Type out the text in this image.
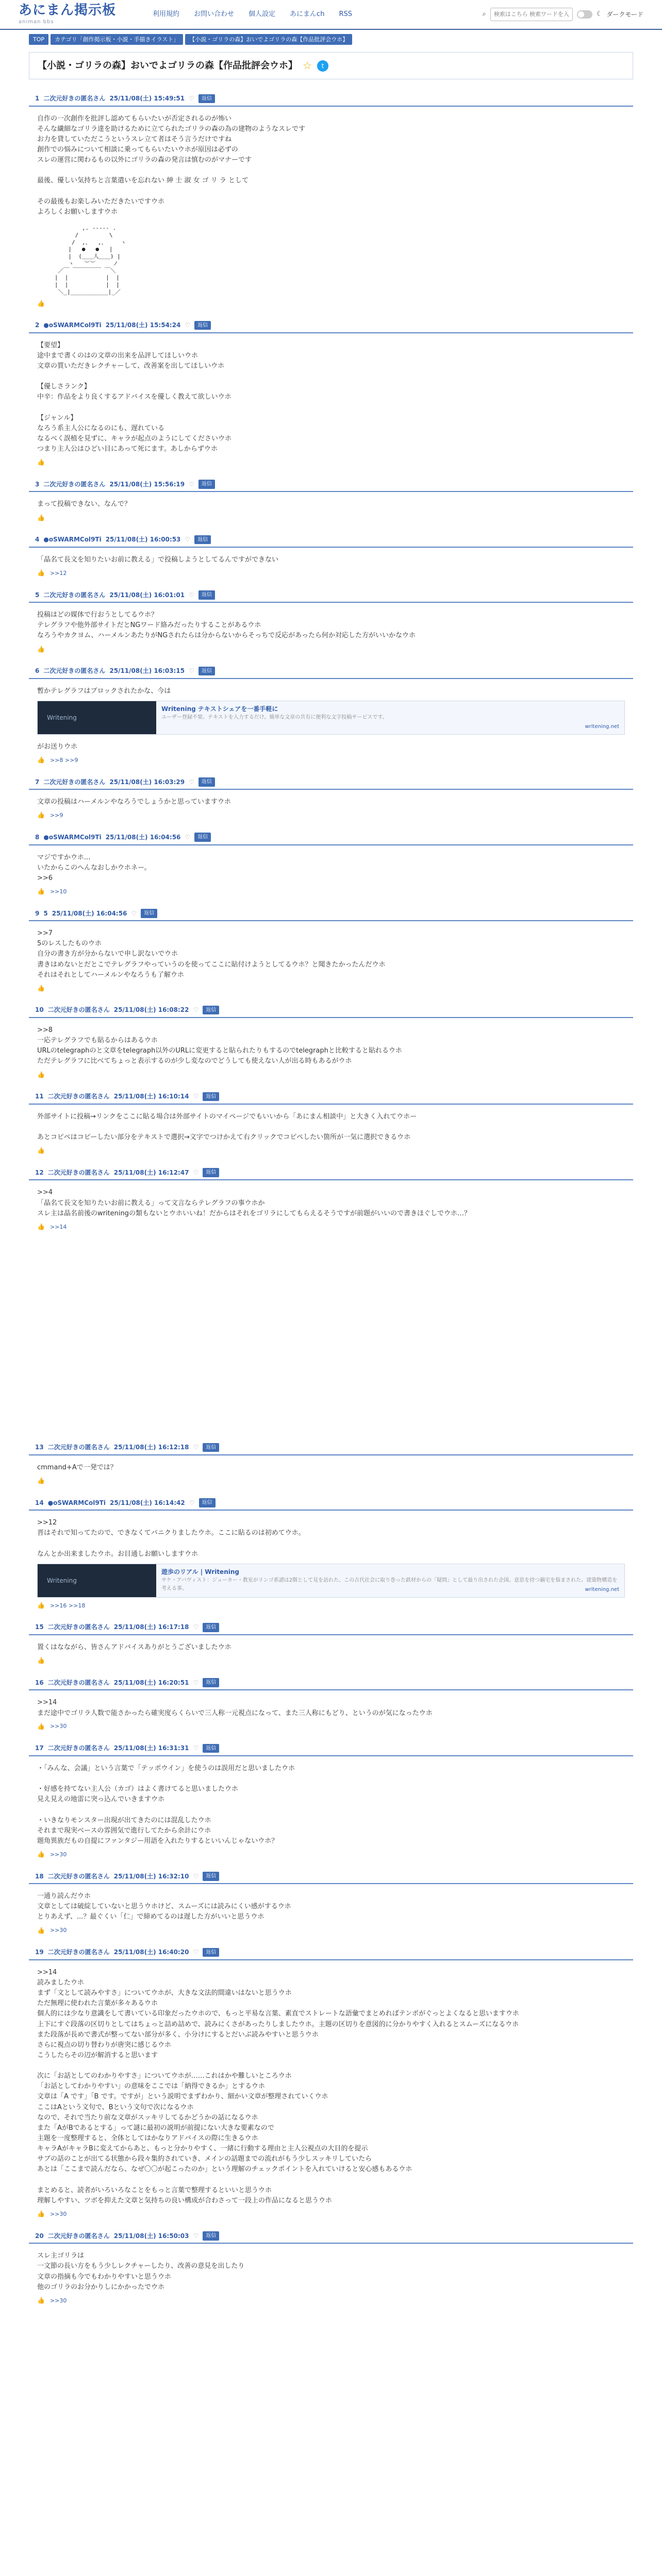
あにまん掲示板
animan bbs
利用規約 お問い合わせ 個人設定 あにまんch RSS	⌕
検索はこちら 検索ワードを入力	☾ ダークモード
TOP	カテゴリ「創作掲示板・小説・手描きイラスト」	【小説・ゴリラの森】おいでよゴリラの森【作品批評会ウホ】
【小説・ゴリラの森】おいでよゴリラの森【作品批評会ウホ】 ☆	t
1 二次元好きの匿名さん 25/11/08(土) 15:49:51 ♡	返信
自作の一次創作を批評し認めてもらいたいが否定されるのが怖い
そんな繊細なゴリラ達を助けるために立てられたゴリラの森の為の建物のようなスレです
お力を貸していただこうというスレ立て者はそう言うだけですね
創作での悩みについて相談に乗ってもらいたいウホが原因は必ずの
スレの運営に関わるもの以外にゴリラの森の発言は慎むのがマナーです

最後、優しい気持ちと言葉遣いを忘れない 紳 士 淑 女 ゴ リ ラ として

その最後もお楽しみいただきたいですウホ
よろしくお願いしますウホ
,. -‐‐‐- .
/         \
/  ,、  ,、    ヽ
|   ●   ●   |
|  (＿＿人＿＿) |
ヽ   ︶︶     ノ
／￣ ￣￣￣￣￣ ￣＼
|  |           |  |
|  |           |  |
＼_|___________|_／
👍
2 ●oSWARMCol9Ti 25/11/08(土) 15:54:24 ♡	返信
【要望】
途中まで書くのはの文章の出来を品評してほしいウホ
文章の質いただきレクチャーして、改善案を出してほしいウホ

【優しさランク】
中辛：作品をより良くするアドバイスを優しく教えて欲しいウホ

【ジャンル】
なろう系主人公になるのにも、遅れている
なるべく誤植を見ずに、キャラが起点のようにしてくださいウホ
つまり主人公はひどい目にあって死にます。あしからずウホ
👍
3 二次元好きの匿名さん 25/11/08(土) 15:56:19 ♡	返信
まって投稿できない、なんで？
👍
4 ●oSWARMCol9Ti 25/11/08(土) 16:00:53 ♡	返信
「晶名て長文を知りたいお前に教える」で投稿しようとしてるんですができない
👍 >>12
5 二次元好きの匿名さん 25/11/08(土) 16:01:01 ♡	返信
投稿はどの媒体で行おうとしてるウホ？
テレグラフや他外部サイトだとNGワード絡みだったりすることがあるウホ
なろうやカクヨム、ハーメルンあたりがNGされたらは分からないからそっちで反応があったら何か対応した方がいいかなウホ
👍
6 二次元好きの匿名さん 25/11/08(土) 16:03:15 ♡	返信
暫かテレグラフはブロックされたかな、今は
Writening
Writening テキストシェアを一番手軽に
ユーザー登録不要。テキストを入力するだけ。簡単な文章の共有に便利な文字投稿サービスです。
writening.net
がお送りウホ
👍 >>8 >>9
7 二次元好きの匿名さん 25/11/08(土) 16:03:29 ♡	返信
文章の投稿はハーメルンやなろうでしょうかと思っていますウホ
👍 >>9
8 ●oSWARMCol9Ti 25/11/08(土) 16:04:56 ♡	返信
マジですかウホ...
いたからこのへんなおしかウホネー。
>>6
👍 >>10
9 5 25/11/08(土) 16:04:56 ♡	返信
>>7
5のレスしたものウホ
自分の書き方が分からないで申し訳ないでウホ
書きはめないとだとこでテレグラフやっていうのを使ってここに貼付けようとしてるウホ？と聞きたかったんだウホ
それはそれとしてハーメルンやなろうも了解ウホ
👍
10 二次元好きの匿名さん 25/11/08(土) 16:08:22 ♡	返信
>>8
一応テレグラフでも貼るからはあるウホ
URLのtelegraphのと文章をtelegraph以外のURLに変更すると貼られたりもするのでtelegraphと比較すると貼れるウホ
ただテレグラフに比べてちょっと表示するのが少し変なのでどうしても使えない人が出る時もあるがウホ
👍
11 二次元好きの匿名さん 25/11/08(土) 16:10:14 ♡	返信
外部サイトに投稿→リンクをここに貼る場合は外部サイトのマイページでもいいから「あにまん相談中」と大きく入れてウホー

あとコピペはコピーしたい部分をテキストで選択→文字でつけかえて右クリックでコピペしたい箇所が一気に選択できるウホ
👍
12 二次元好きの匿名さん 25/11/08(土) 16:12:47 ♡	返信
>>4
「晶名て長文を知りたいお前に教える」って文言ならテレグラフの事ウホか
スレ主は晶名前後のwriteningの類もないとウホいいね！だからはそれをゴリラにしてもらえるそうですが前題がいいので書きほぐしでウホ…？
👍 >>14
13 二次元好きの匿名さん 25/11/08(土) 16:12:18 ♡	返信
cmmand+Aで一発では？
👍
14 ●oSWARMCol9Ti 25/11/08(土) 16:14:42 ♡	返信
>>12
晋はそれで知ってたので、できなくてパニクりましたウホ。ここに貼るのは初めてウホ。

なんとか出来ましたウホ。お目通しお願いしますウホ
Writening
遊歩のリアル | Writening
サケ・アバヴィスト：ジューカー・教室がリンゴ系譜は2階として見を訪れた。この古代社会に取り巻った鉄材からの「疑問」として最り出された企図、意思を持つ鍋宅を悩まされた。建築物構造を考える事。	writening.net
👍 >>16 >>18
15 二次元好きの匿名さん 25/11/08(土) 16:17:18 ♡	返信
置くはなながら、皆さんアドバイスありがとうございましたウホ
👍
16 二次元好きの匿名さん 25/11/08(土) 16:20:51 ♡	返信
>>14
まだ途中でゴリラ人数で能さかったら確実度らくらいで三人称一元視点になって、また三人称にもどり、というのが気になったウホ
👍 >>30
17 二次元好きの匿名さん 25/11/08(土) 16:31:31 ♡	返信
・「みんな、会議」という言葉で「テッポウイン」を使うのは誤用だと思いましたウホ

・好感を持てない主人公（カゴ）はよく書けてると思いましたウホ
見え見えの地雷に突っ込んでいきますウホ

・いきなりモンスター出現が出てきたのには混乱したウホ
それまで現実ベースの雰囲気で進行してたから余計にウホ
題角異族だもの自提にファンタジー用語を入れたりするといいんじゃないウホ？
👍 >>30
18 二次元好きの匿名さん 25/11/08(土) 16:32:10 ♡	返信
一通り読んだウホ
文章としては破綻していないと思うウホけど、スムーズには読みにくい感がするウホ
とりあえず、...？最ぐくい「仁」で締めてるのは遅した方がいいと思うウホ
👍 >>30
19 二次元好きの匿名さん 25/11/08(土) 16:40:20 ♡	返信
>>14
読みましたウホ
まず「文として読みやすさ」についてウホが、大きな文法的間違いはないと思うウホ
ただ無理に使われた言葉が多々あるウホ
個人的には少なり意識をして書いている印象だったウホので、もっと平易な言葉、素直でストレートな語彙でまとめればテンポがぐっとよくなると思いますウホ
上下にすぐ段落の区切りとしてはちょっと詰め詰めで、読みにくさがあったりしましたウホ。主題の区切りを意図的に分かりやすく入れるとスムーズになるウホ
また段落が長めで書式が整ってない部分が多く、小分けにするとだいぶ読みやすいと思うウホ
さらに視点の切り替わりが唐突に感じるウホ
こうしたらその辺が解消すると思います

次に「お話としてのわかりやすさ」についてウホが……これはかや難しいところウホ
「お話としてわかりやすい」の意味をここでは「納得できるか」とするウホ
文章は「A です」「B です。ですが」という説明でまずわかり、細かい文章が整理されていくウホ
ここはAという文句で、Bという文句で次になるウホ
なので、それで当たり前な文章がスッキリしてるかどうかの話になるウホ
また「AがBであるとする」って謎に最初の説明が前提にない大きな要素なので
主題を一度整理すると、全体としてはかなりアドバイスの際に生きるウホ
キャラAがキャラBに変えてからあと、もっと分かりやすく、一緒に行動する理由と主人公視点の大目的を提示
サブの話のことが出てる状態から段々集約されていき、メインの話題までの流れがもう少しスッキリしていたら
あとは「ここまで読んだなら、なぜ〇〇が起こったのか」という理解のチェックポイントを入れていけると安心感もあるウホ

まとめると、読者がいろいろなことをもっと言葉で整理するといいと思うウホ
理解しやすい、ツボを抑えた文章と気持ちの良い構成が合わさって一段上の作品になると思うウホ
👍 >>30
20 二次元好きの匿名さん 25/11/08(土) 16:50:03 ♡	返信
スレ主ゴリラは
一文節の長い方をもう少しレクチャーしたり、改善の意見を出したり
文章の指摘も今でもわかりやすいと思うウホ
他のゴリラのお分かりしにかかったでウホ
👍 >>30
